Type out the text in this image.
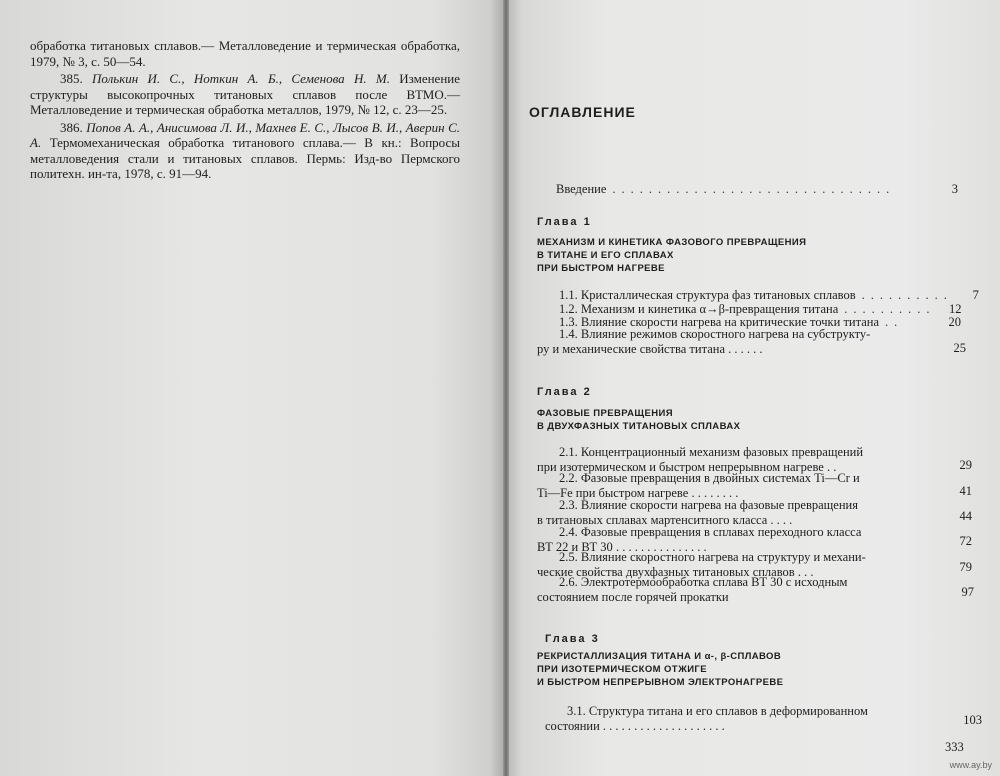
обработка титановых сплавов.— Металловедение и термическая обработка, 1979, № 3, с. 50—54.

385. Полькин И. С., Ноткин А. Б., Семенова Н. М. Изменение структуры высокопрочных титановых сплавов после ВТМО.— Металловедение и термическая обработка металлов, 1979, № 12, с. 23—25.

386. Попов А. А., Анисимова Л. И., Махнев Е. С., Лысов В. И., Аверин С. А. Термомеханическая обработка титанового сплава.— В кн.: Вопросы металловедения стали и титановых сплавов. Пермь: Изд-во Пермского политехн. ин-та, 1978, с. 91—94.

ОГЛАВЛЕНИЕ
Введение ...............................	3
Глава 1
МЕХАНИЗМ И КИНЕТИКА ФАЗОВОГО ПРЕВРАЩЕНИЯ
В ТИТАНЕ И ЕГО СПЛАВАХ
ПРИ БЫСТРОМ НАГРЕВЕ
1.1. Кристаллическая структура фаз титановых сплавов ..........	7
1.2. Механизм и кинетика α→β-превращения титана ..........	12
1.3. Влияние скорости нагрева на критические точки титана ..	20
1.4. Влияние режимов скоростного нагрева на субструкту-
ру и механические свойства титана . . . . . .	25
Глава 2
ФАЗОВЫЕ ПРЕВРАЩЕНИЯ
В ДВУХФАЗНЫХ ТИТАНОВЫХ СПЛАВАХ
2.1. Концентрационный механизм фазовых превращений
при изотермическом и быстром непрерывном нагреве . .	29
2.2. Фазовые превращения в двойных системах Ti—Cr и
Ti—Fe при быстром нагреве . . . . . . . .	41
2.3. Влияние скорости нагрева на фазовые превращения
в титановых сплавах мартенситного класса . . . .	44
2.4. Фазовые превращения в сплавах переходного класса
ВТ 22 и ВТ 30 . . . . . . . . . . . . . . .	72
2.5. Влияние скоростного нагрева на структуру и механи-
ческие свойства двухфазных титановых сплавов . . .	79
2.6. Электротермообработка сплава ВТ 30 с исходным
состоянием после горячей прокатки	97
Глава 3
РЕКРИСТАЛЛИЗАЦИЯ ТИТАНА И α-, β-СПЛАВОВ
ПРИ ИЗОТЕРМИЧЕСКОМ ОТЖИГЕ
И БЫСТРОМ НЕПРЕРЫВНОМ ЭЛЕКТРОНАГРЕВЕ
3.1. Структура титана и его сплавов в деформированном
состоянии . . . . . . . . . . . . . . . . . . . .	103
333
www.ay.by
